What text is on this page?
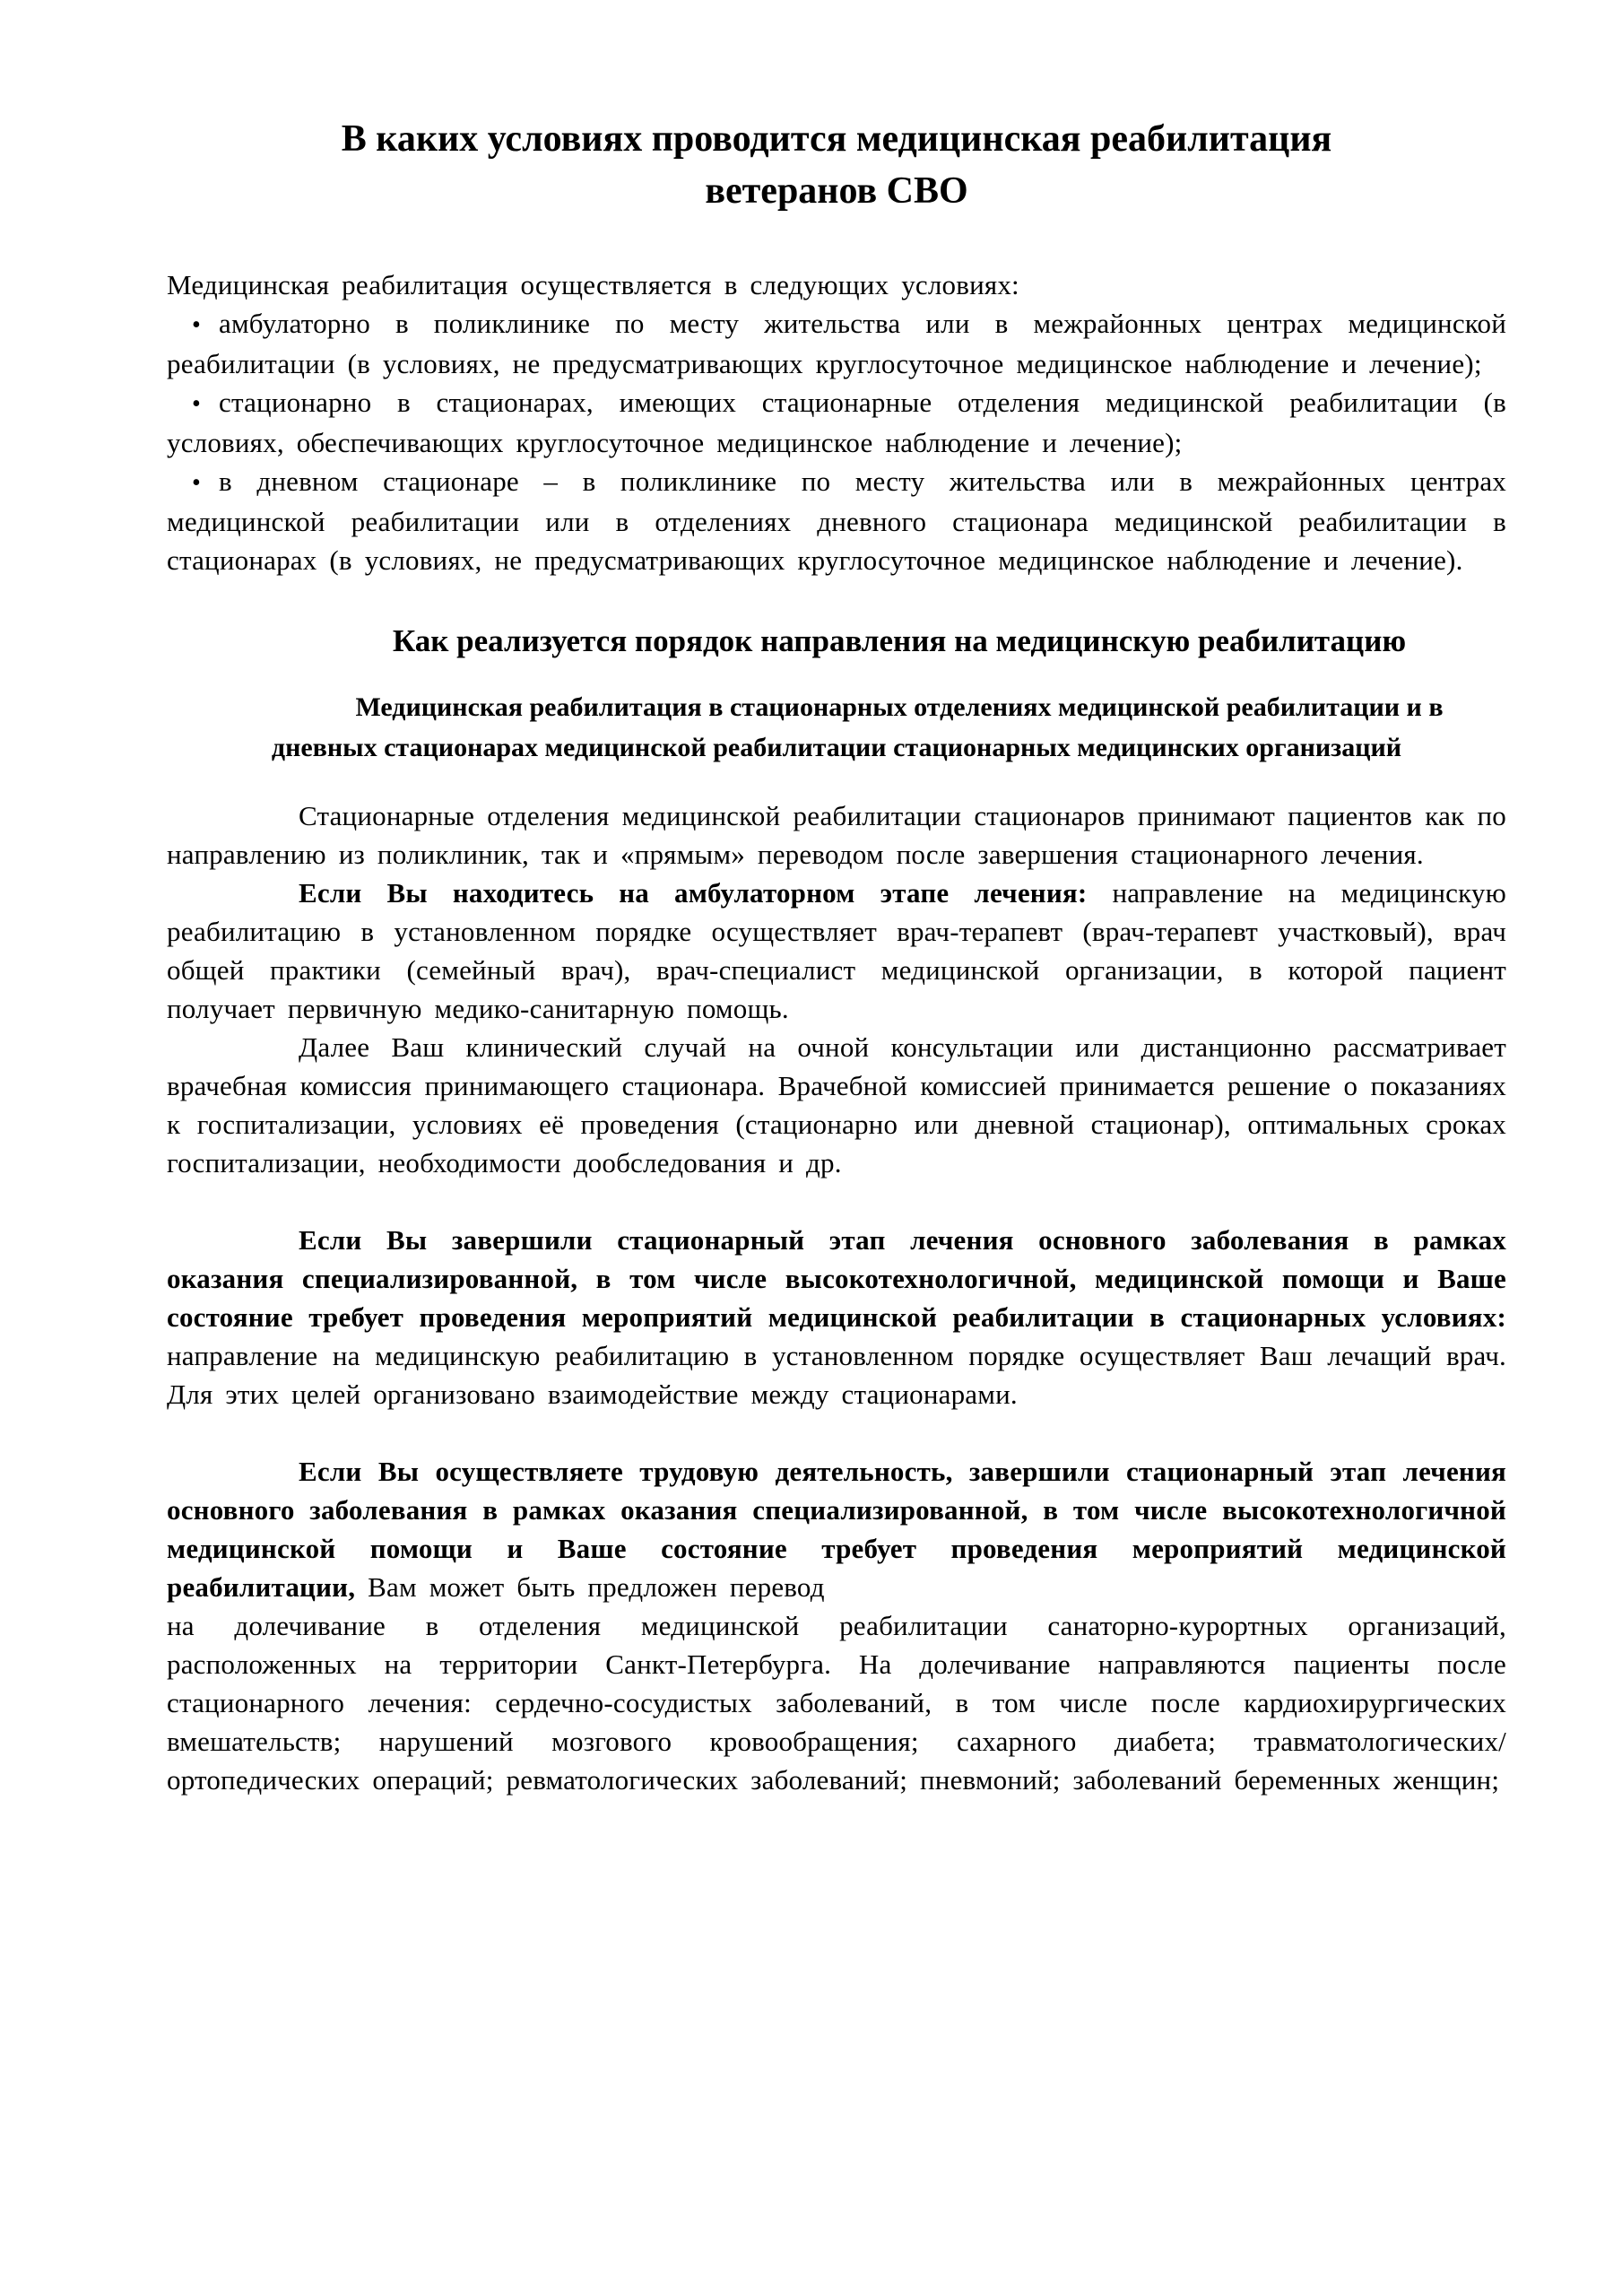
В каких условиях проводится медицинская реабилитация ветеранов СВО

Медицинская реабилитация осуществляется в следующих условиях:

• амбулаторно в поликлинике по месту жительства или в межрайонных центрах медицинской реабилитации (в условиях, не предусматривающих круглосуточное медицинское наблюдение и лечение);

• стационарно в стационарах, имеющих стационарные отделения медицинской реабилитации (в условиях, обеспечивающих круглосуточное медицинское наблюдение и лечение);

• в дневном стационаре – в поликлинике по месту жительства или в межрайонных центрах медицинской реабилитации или в отделениях дневного стационара медицинской реабилитации в стационарах (в условиях, не предусматривающих круглосуточное медицинское наблюдение и лечение).

Как реализуется порядок направления на медицинскую реабилитацию
Медицинская реабилитация в стационарных отделениях медицинской реабилитации и в дневных стационарах медицинской реабилитации стационарных медицинских организаций

Стационарные отделения медицинской реабилитации стационаров принимают пациентов как по направлению из поликлиник, так и «прямым» переводом после завершения стационарного лечения.

Если Вы находитесь на амбулаторном этапе лечения: направление на медицинскую реабилитацию в установленном порядке осуществляет врач-терапевт (врач-терапевт участковый), врач общей практики (семейный врач), врач-специалист медицинской организации, в которой пациент получает первичную медико-санитарную помощь.

Далее Ваш клинический случай на очной консультации или дистанционно рассматривает врачебная комиссия принимающего стационара. Врачебной комиссией принимается решение о показаниях к госпитализации, условиях её проведения (стационарно или дневной стационар), оптимальных сроках госпитализации, необходимости дообследования и др.

Если Вы завершили стационарный этап лечения основного заболевания в рамках оказания специализированной, в том числе высокотехнологичной, медицинской помощи и Ваше состояние требует проведения мероприятий медицинской реабилитации в стационарных условиях: направление на медицинскую реабилитацию в установленном порядке осуществляет Ваш лечащий врач. Для этих целей организовано взаимодействие между стационарами.

Если Вы осуществляете трудовую деятельность, завершили стационарный этап лечения основного заболевания в рамках оказания специализированной, в том числе высокотехнологичной медицинской помощи и Ваше состояние требует проведения мероприятий медицинской реабилитации, Вам может быть предложен перевод
на долечивание в отделения медицинской реабилитации санаторно-курортных организаций, расположенных на территории Санкт-Петербурга. На долечивание направляются пациенты после стационарного лечения: сердечно-сосудистых заболеваний, в том числе после кардиохирургических вмешательств; нарушений мозгового кровообращения; сахарного диабета; травматологических/ортопедических операций; ревматологических заболеваний; пневмоний; заболеваний беременных женщин;
